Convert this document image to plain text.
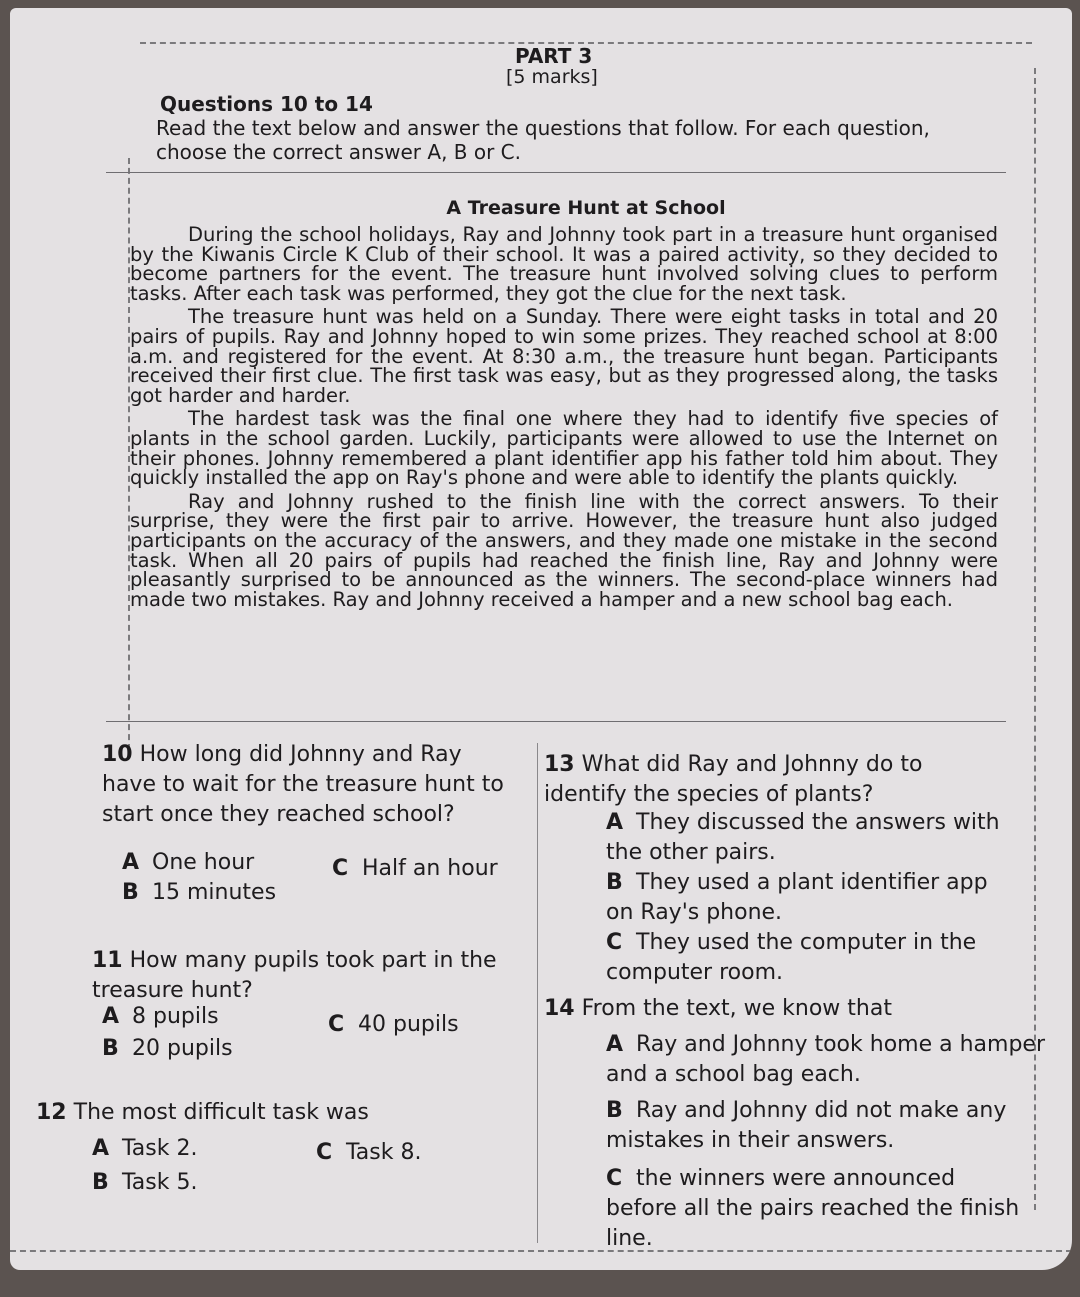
PART 3
[5 marks]
Questions 10 to 14
Read the text below and answer the questions that follow. For each question, choose the correct answer A, B or C.
A Treasure Hunt at School

During the school holidays, Ray and Johnny took part in a treasure hunt organised by the Kiwanis Circle K Club of their school. It was a paired activity, so they decided to become partners for the event. The treasure hunt involved solving clues to perform tasks. After each task was performed, they got the clue for the next task.

The treasure hunt was held on a Sunday. There were eight tasks in total and 20 pairs of pupils. Ray and Johnny hoped to win some prizes. They reached school at 8:00 a.m. and registered for the event. At 8:30 a.m., the treasure hunt began. Participants received their first clue. The first task was easy, but as they progressed along, the tasks got harder and harder.

The hardest task was the final one where they had to identify five species of plants in the school garden. Luckily, participants were allowed to use the Internet on their phones. Johnny remembered a plant identifier app his father told him about. They quickly installed the app on Ray's phone and were able to identify the plants quickly.

Ray and Johnny rushed to the finish line with the correct answers. To their surprise, they were the first pair to arrive. However, the treasure hunt also judged participants on the accuracy of the answers, and they made one mistake in the second task. When all 20 pairs of pupils had reached the finish line, Ray and Johnny were pleasantly surprised to be announced as the winners. The second-place winners had made two mistakes. Ray and Johnny received a hamper and a new school bag each.

10 How long did Johnny and Ray have to wait for the treasure hunt to start once they reached school?
A One hour
B 15 minutes
C Half an hour
11 How many pupils took part in the treasure hunt?
A 8 pupils
B 20 pupils
C 40 pupils
12 The most difficult task was
A Task 2.
B Task 5.
C Task 8.
13 What did Ray and Johnny do to identify the species of plants?
A They discussed the answers with the other pairs.
B They used a plant identifier app on Ray's phone.
C They used the computer in the computer room.
14 From the text, we know that
A Ray and Johnny took home a hamper and a school bag each.
B Ray and Johnny did not make any mistakes in their answers.
C the winners were announced before all the pairs reached the finish line.
